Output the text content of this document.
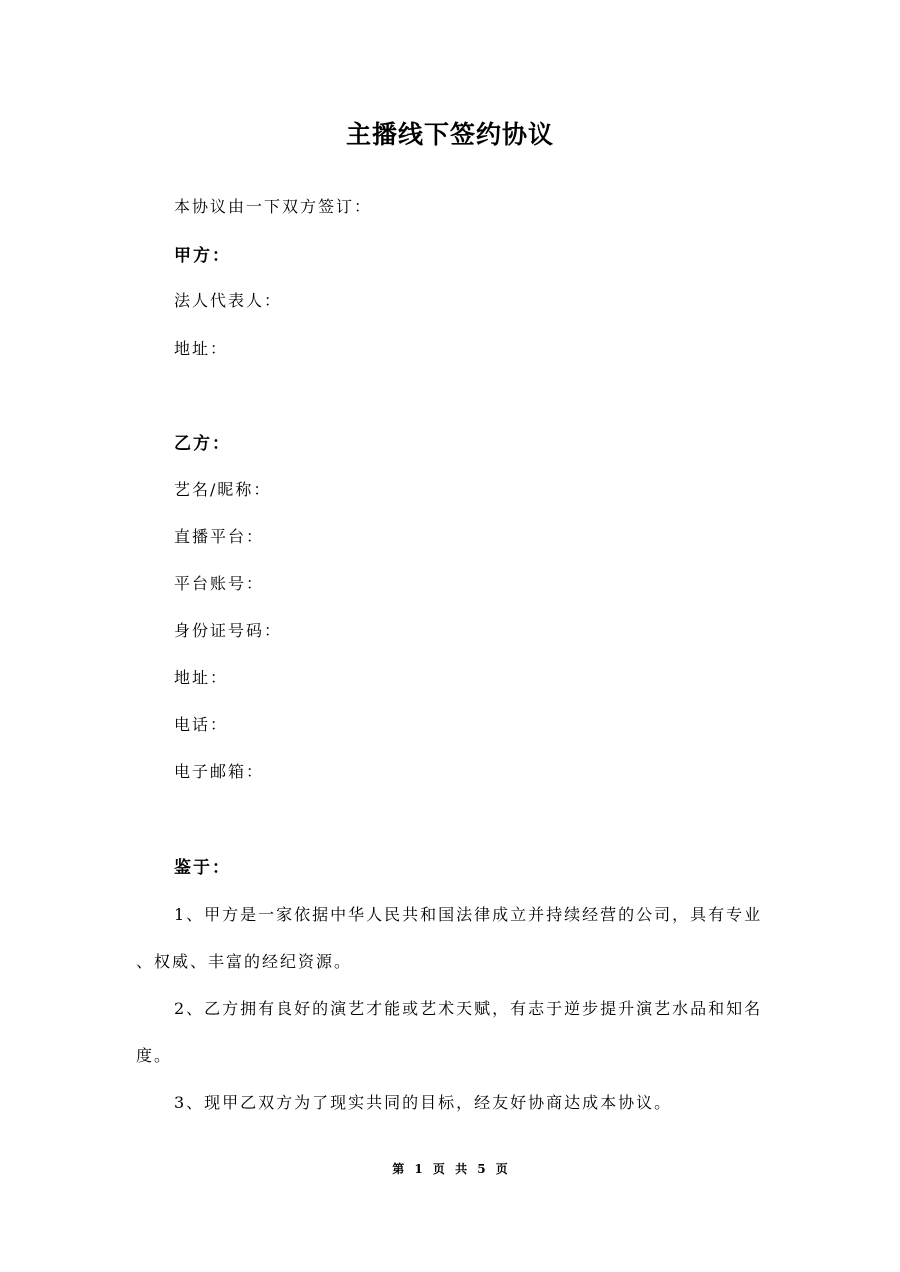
主播线下签约协议
本协议由一下双方签订：
甲方：
法人代表人：
地址：
乙方：
艺名/昵称：
直播平台：
平台账号：
身份证号码：
地址：
电话：
电子邮箱：
鉴于：
1、甲方是一家依据中华人民共和国法律成立并持续经营的公司，具有专业
、权威、丰富的经纪资源。
2、乙方拥有良好的演艺才能或艺术天赋，有志于逆步提升演艺水品和知名
度。
3、现甲乙双方为了现实共同的目标，经友好协商达成本协议。
第 1 页 共 5 页
